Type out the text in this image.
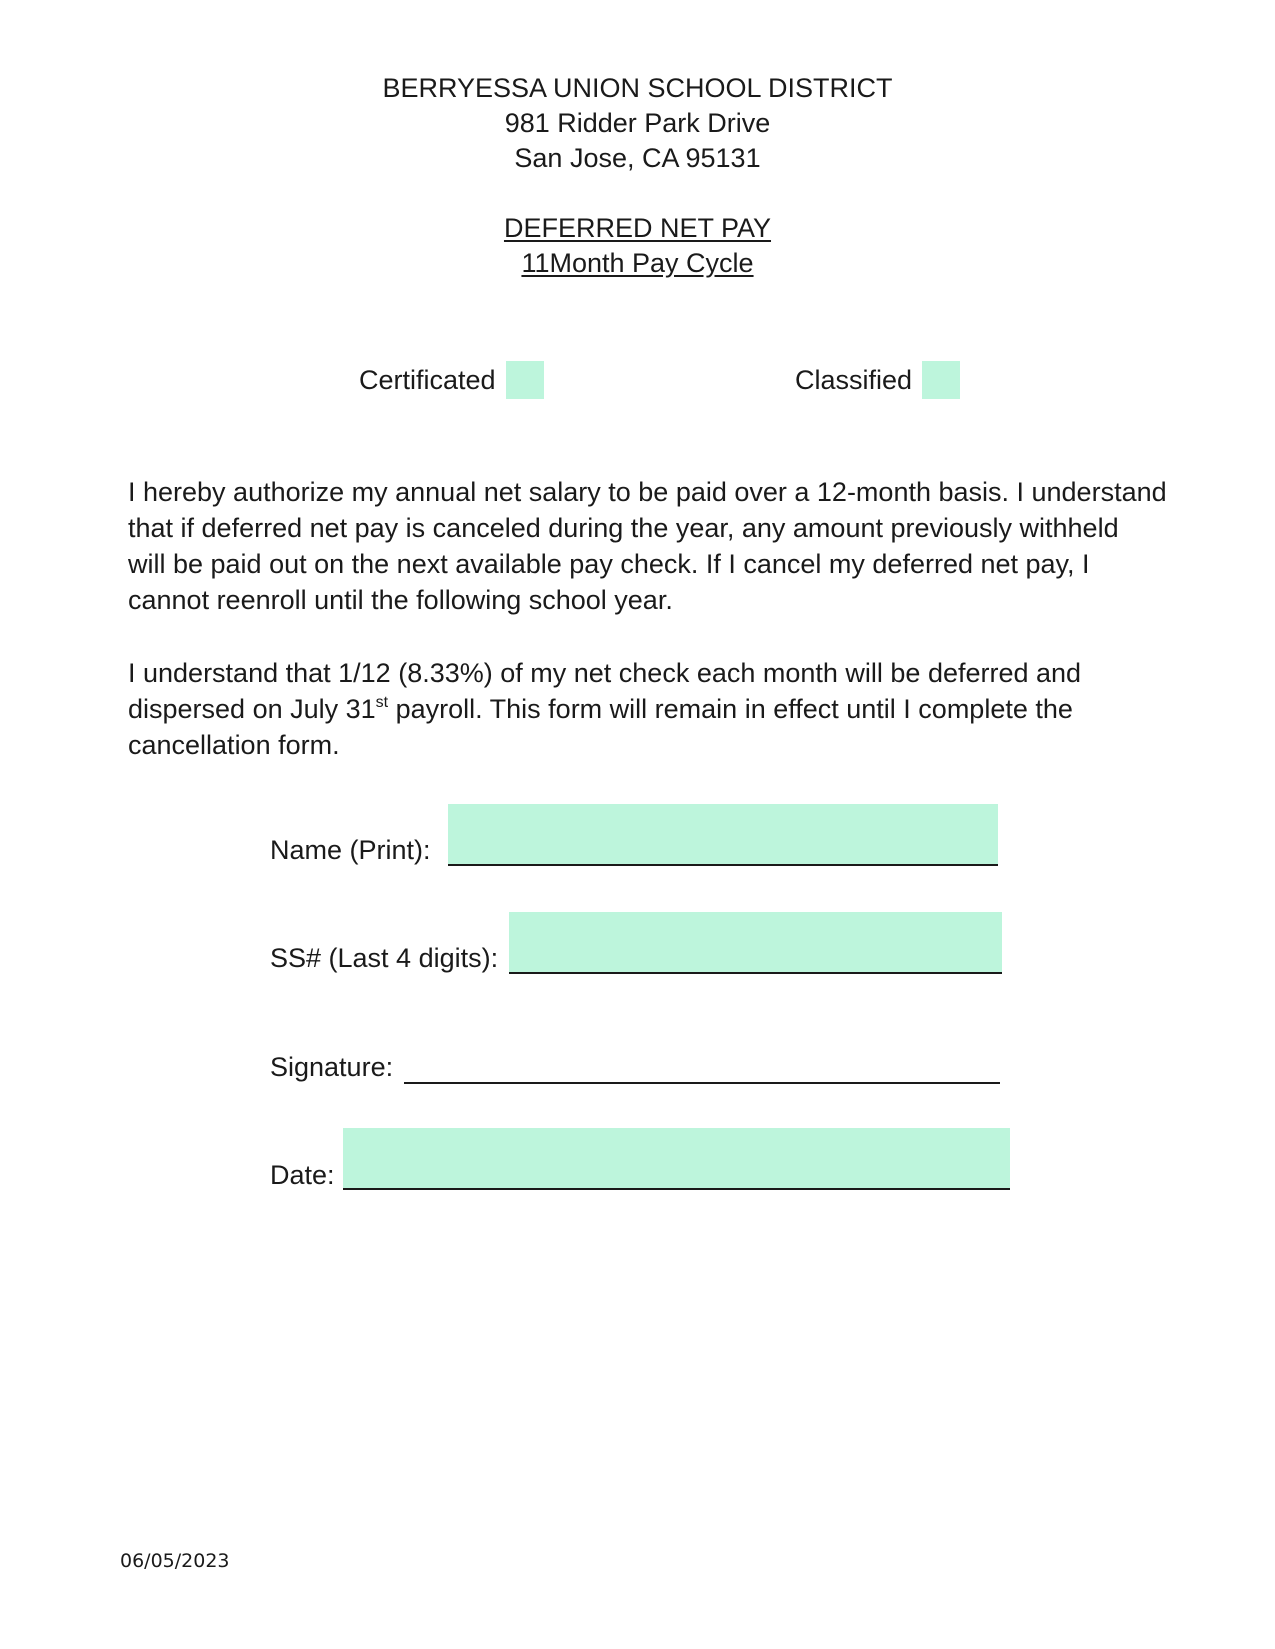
BERRYESSA UNION SCHOOL DISTRICT
981 Ridder Park Drive
San Jose, CA 95131
DEFERRED NET PAY
11Month Pay Cycle
Certificated	Classified
I hereby authorize my annual net salary to be paid over a 12-month basis. I understand
that if deferred net pay is canceled during the year, any amount previously withheld
will be paid out on the next available pay check. If I cancel my deferred net pay, I
cannot reenroll until the following school year.
I understand that 1/12 (8.33%) of my net check each month will be deferred and
dispersed on July 31st payroll. This form will remain in effect until I complete the
cancellation form.
Name (Print):
SS# (Last 4 digits):
Signature:
Date:
06/05/2023
